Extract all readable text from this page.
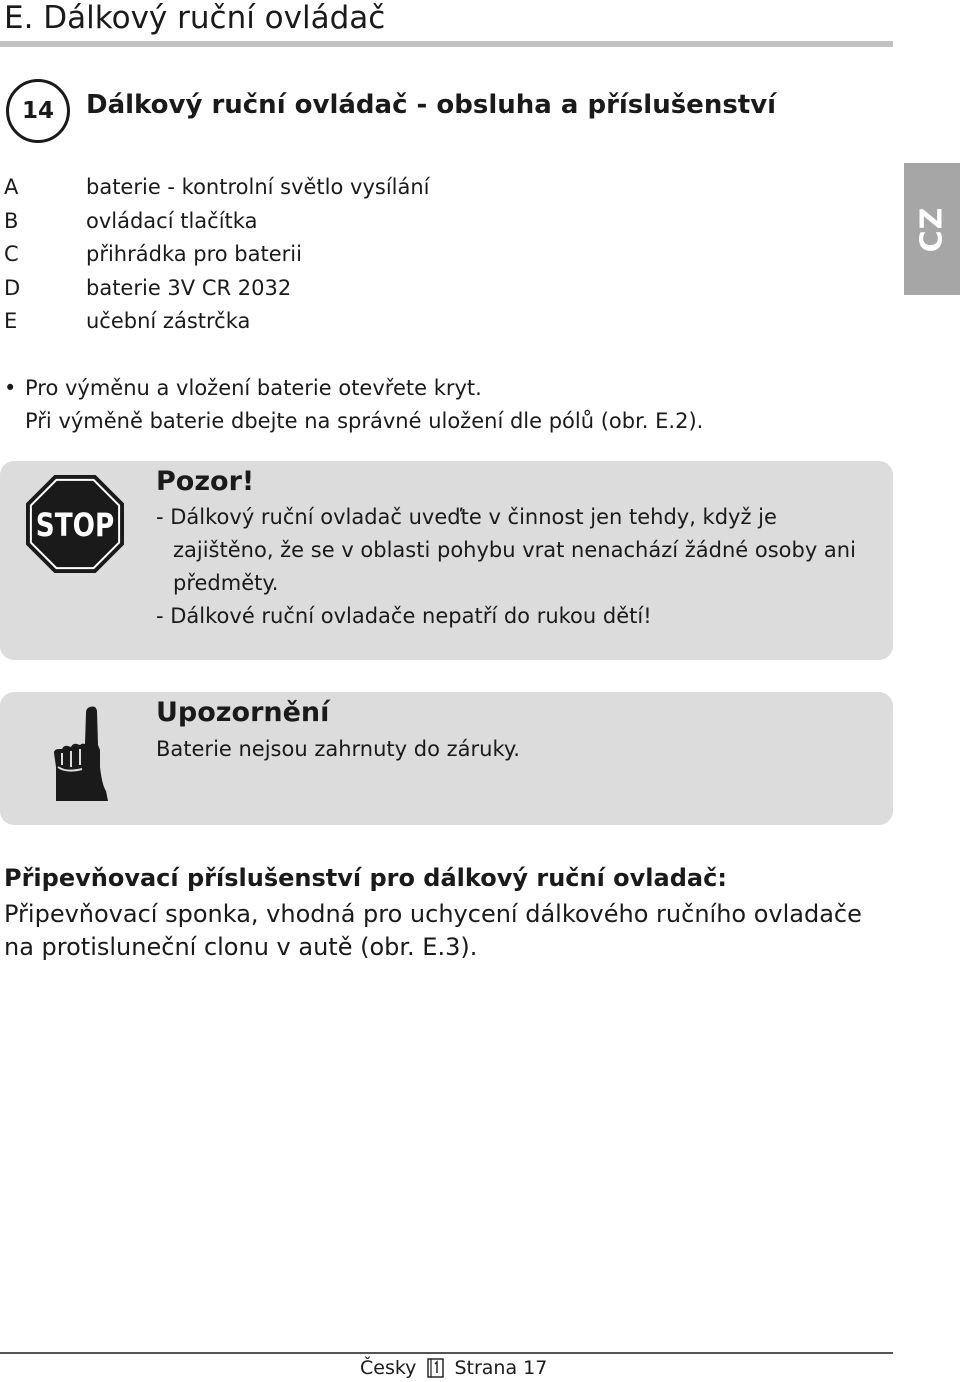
E. Dálkový ruční ovládač
14	Dálkový ruční ovládač - obsluha a příslušenství
CZ
A	baterie - kontrolní světlo vysílání
B	ovládací tlačítka
C	přihrádka pro baterii
D	baterie 3V CR 2032
E	učební zástrčka
• Pro výměnu a vložení baterie otevřete kryt.
Při výměně baterie dbejte na správné uložení dle pólů (obr. E.2).
STOP
Pozor!
- Dálkový ruční ovladač uveďte v činnost jen tehdy, když je
zajištěno, že se v oblasti pohybu vrat nenachází žádné osoby ani
předměty.
- Dálkové ruční ovladače nepatří do rukou dětí!
Upozornění
Baterie nejsou zahrnuty do záruky.
Připevňovací příslušenství pro dálkový ruční ovladač:
Připevňovací sponka, vhodná pro uchycení dálkového ručního ovladače
na protisluneční clonu v autě (obr. E.3).
Česky Strana 17
